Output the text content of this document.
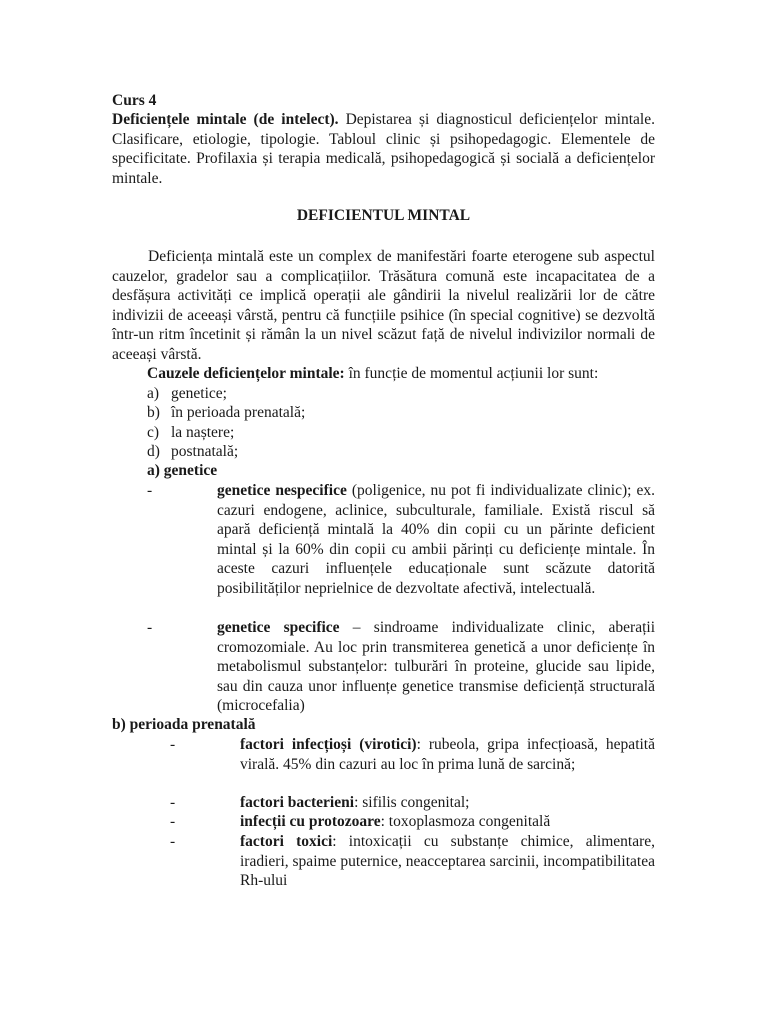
Curs 4
Deficiențele mintale (de intelect). Depistarea și diagnosticul deficiențelor mintale. Clasificare, etiologie, tipologie. Tabloul clinic și psihopedagogic. Elementele de specificitate. Profilaxia și terapia medicală, psihopedagogică și socială a deficiențelor mintale.
DEFICIENTUL MINTAL
Deficiența mintală este un complex de manifestări foarte eterogene sub aspectul cauzelor, gradelor sau a complicațiilor. Trăsătura comună este incapacitatea de a desfășura activități ce implică operații ale gândirii la nivelul realizării lor de către indivizii de aceeași vârstă, pentru că funcțiile psihice (în special cognitive) se dezvoltă într-un ritm încetinit și rămân la un nivel scăzut față de nivelul indivizilor normali de aceeași vârstă.
Cauzele deficiențelor mintale: în funcție de momentul acțiunii lor sunt:
a) genetice;
b) în perioada prenatală;
c) la naștere;
d) postnatală;
a) genetice
-	genetice nespecifice (poligenice, nu pot fi individualizate clinic); ex. cazuri endogene, aclinice, subculturale, familiale. Există riscul să apară deficiență mintală la 40% din copii cu un părinte deficient mintal și la 60% din copii cu ambii părinți cu deficiențe mintale. În aceste cazuri influențele educaționale sunt scăzute datorită posibilităților neprielnice de dezvoltate afectivă, intelectuală.
-	genetice specifice – sindroame individualizate clinic, aberații cromozomiale. Au loc prin transmiterea genetică a unor deficiențe în metabolismul substanțelor: tulburări în proteine, glucide sau lipide, sau din cauza unor influențe genetice transmise deficiență structurală (microcefalia)
b) perioada prenatală
-	factori infecțioși (virotici): rubeola, gripa infecțioasă, hepatită virală. 45% din cazuri au loc în prima lună de sarcină;
-	factori bacterieni: sifilis congenital;
-	infecții cu protozoare: toxoplasmoza congenitală
-	factori toxici: intoxicații cu substanțe chimice, alimentare, iradieri, spaime puternice, neacceptarea sarcinii, incompatibilitatea Rh-ului
